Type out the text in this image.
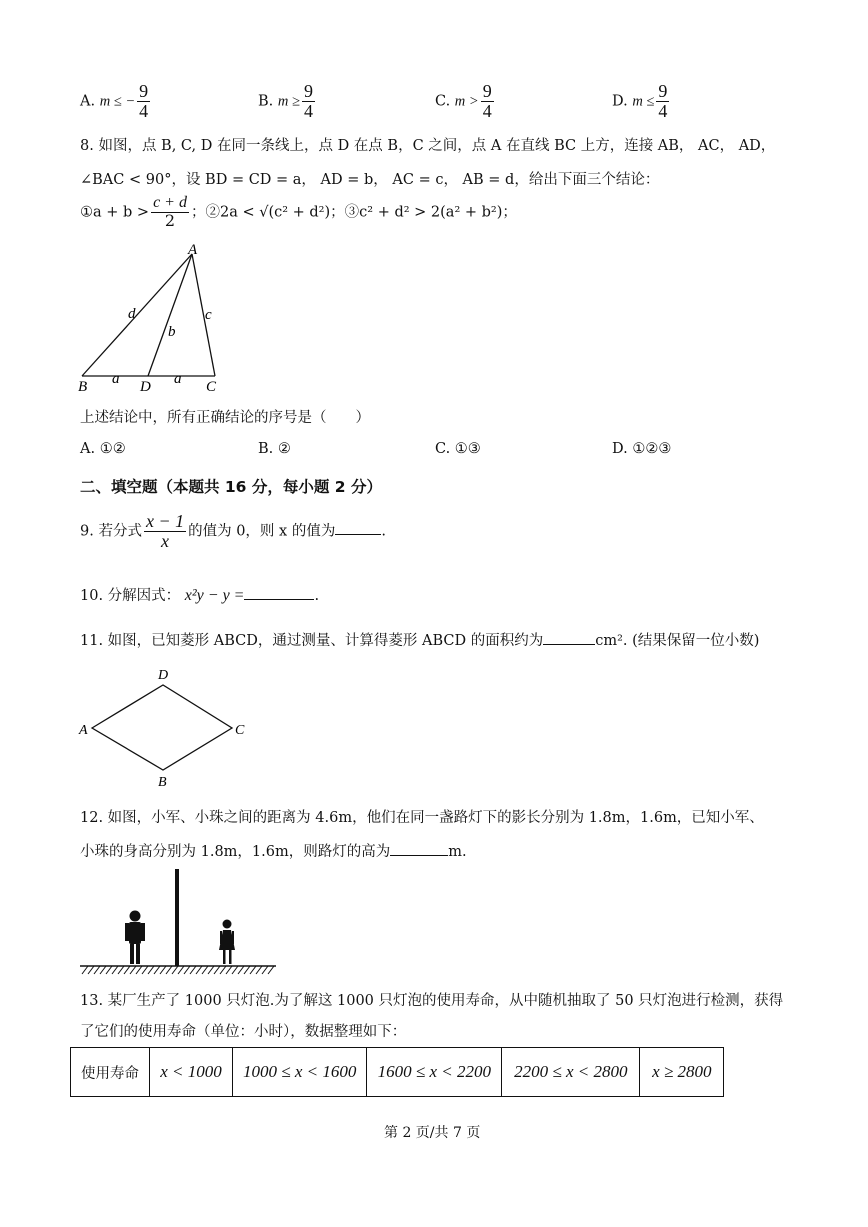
A. m ≤ − $\frac{9}{4}$	B. $m \ge \frac{9}{4}$	C. $m > \frac{9}{4}$	D. $m \le \frac{9}{4}$
8. 如图，点 B, C, D 在同一条线上，点 D 在点 B，C 之间，点 A 在直线 BC 上方，连接 AB， AC， AD，
∠BAC < 90°，设 BD = CD = a， AD = b， AC = c， AB = d，给出下面三个结论：
①a + $b > \frac{c + d}{2}$ ；②2a < √(c² + d²)；③c² + d² > 2(a² + b²)；
A
B	D	C
a	a
b
c
d
上述结论中，所有正确结论的序号是（　　）
A. ①②	B. ②	C. ①③	D. ①②③
二、填空题（本题共 16 分，每小题 2 分）
9. 若分式 $\frac{x - 1}{x}$ 的值为 0，则 x 的值为	.
10. 分解因式： x²y − y =	.
11. 如图，已知菱形 ABCD，通过测量、计算得菱形 ABCD 的面积约为	cm². (结果保留一位小数)
D
A	C
B
12. 如图，小军、小珠之间的距离为 4.6m，他们在同一盏路灯下的影长分别为 1.8m，1.6m，已知小军、
小珠的身高分别为 1.8m，1.6m，则路灯的高为	m.
13. 某厂生产了 1000 只灯泡.为了解这 1000 只灯泡的使用寿命，从中随机抽取了 50 只灯泡进行检测，获得
了它们的使用寿命（单位：小时），数据整理如下：
使用寿命	x < 1000	1000 ≤ x < 1600	1600 ≤ x < 2200	2200 ≤ x < 2800	x ≥ 2800
第 2 页/共 7 页
